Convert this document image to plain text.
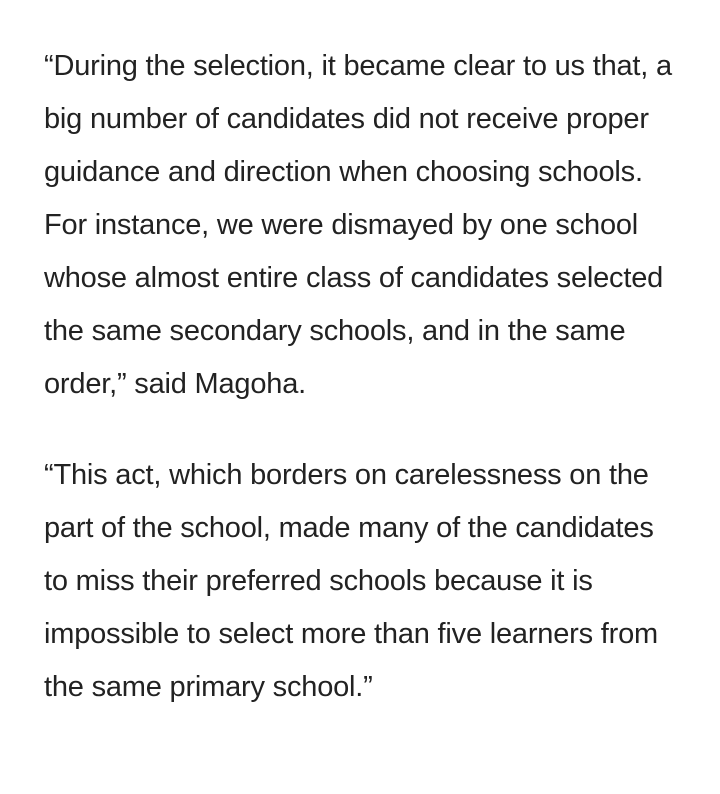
“During the selection, it became clear to us that, a big number of candidates did not receive proper guidance and direction when choosing schools. For instance, we were dismayed by one school whose almost entire class of candidates selected the same secondary schools, and in the same order,” said Magoha.

“This act, which borders on carelessness on the part of the school, made many of the candidates to miss their preferred schools because it is impossible to select more than five learners from the same primary school.”
